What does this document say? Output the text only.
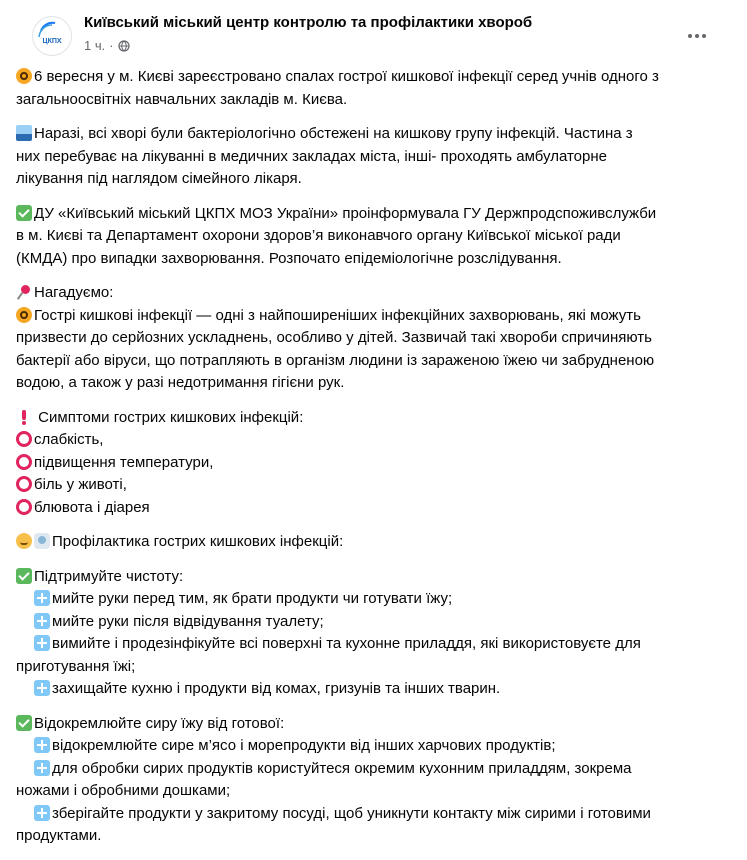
ЦКПХ
Київський міський центр контролю та профілактики хвороб
1 ч. ·
6 вересня у м. Києві зареєстровано спалах гострої кишкової інфекції серед учнів одного з
загальноосвітніх навчальних закладів м. Києва.
Наразі, всі хворі були бактеріологічно обстежені на кишкову групу інфекцій. Частина з
них перебуває на лікуванні в медичних закладах міста, інші- проходять амбулаторне
лікування під наглядом сімейного лікаря.
ДУ «Київський міський ЦКПХ МОЗ України» проінформувала ГУ Держпродспоживслужби
в м. Києві та Департамент охорони здоров’я виконавчого органу Київської міської ради
(КМДА) про випадки захворювання. Розпочато епідеміологічне розслідування.
Нагадуємо:
Гострі кишкові інфекції — одні з найпоширеніших інфекційних захворювань, які можуть
призвести до серйозних ускладнень, особливо у дітей. Зазвичай такі хвороби спричиняють
бактерії або віруси, що потрапляють в організм людини із зараженою їжею чи забрудненою
водою, а також у разі недотримання гігієни рук.
Симптоми гострих кишкових інфекцій:
слабкість,
підвищення температури,
біль у животі,
блювота і діарея
Профілактика гострих кишкових інфекцій:
Підтримуйте чистоту:
мийте руки перед тим, як брати продукти чи готувати їжу;
мийте руки після відвідування туалету;
вимийте і продезінфікуйте всі поверхні та кухонне приладдя, які використовуєте для
приготування їжі;
захищайте кухню і продукти від комах, гризунів та інших тварин.
Відокремлюйте сиру їжу від готової:
відокремлюйте сире м’ясо і морепродукти від інших харчових продуктів;
для обробки сирих продуктів користуйтеся окремим кухонним приладдям, зокрема
ножами і обробними дошками;
зберігайте продукти у закритому посуді, щоб уникнути контакту між сирими і готовими
продуктами.
